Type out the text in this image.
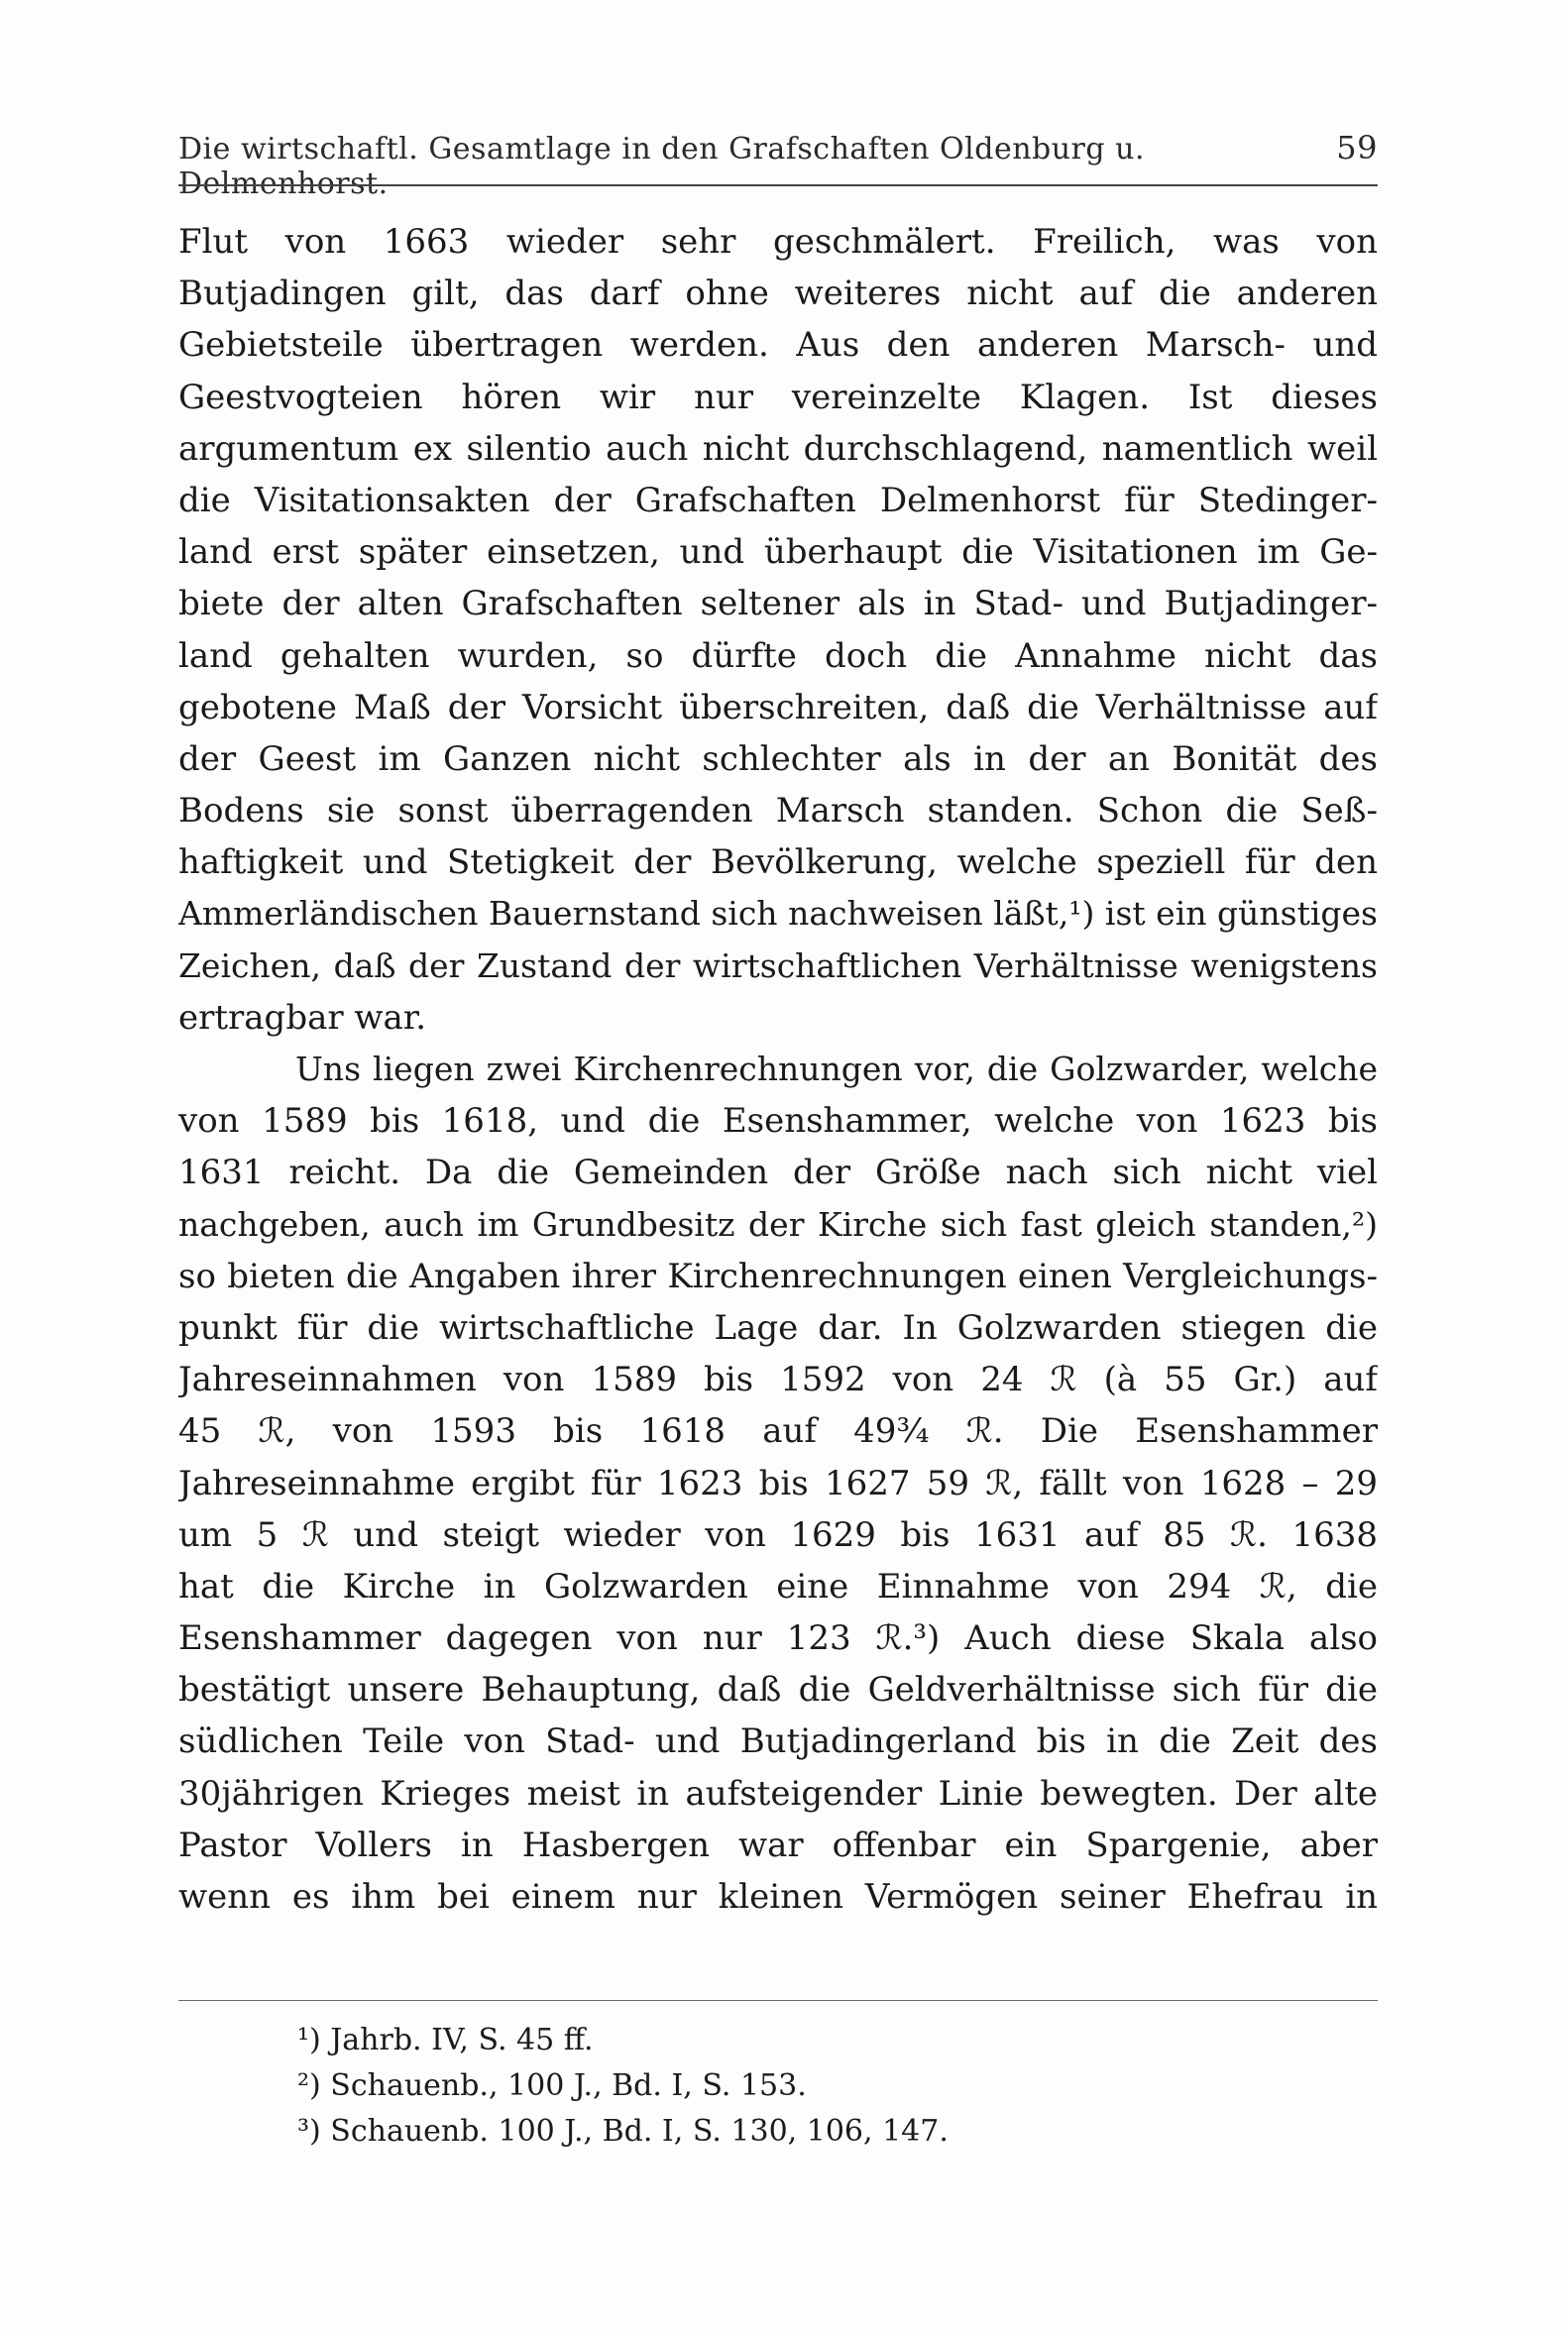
Die wirtschaftl. Gesamtlage in den Grafschaften Oldenburg u. Delmenhorst.
59
Flut von 1663 wieder sehr geschmälert. Freilich, was von
Butjadingen gilt, das darf ohne weiteres nicht auf die anderen
Gebietsteile übertragen werden. Aus den anderen Marsch- und
Geestvogteien hören wir nur vereinzelte Klagen. Ist dieses
argumentum ex silentio auch nicht durchschlagend, namentlich weil
die Visitationsakten der Grafschaften Delmenhorst für Stedinger-
land erst später einsetzen, und überhaupt die Visitationen im Ge-
biete der alten Grafschaften seltener als in Stad- und Butjadinger-
land gehalten wurden, so dürfte doch die Annahme nicht das
gebotene Maß der Vorsicht überschreiten, daß die Verhältnisse auf
der Geest im Ganzen nicht schlechter als in der an Bonität des
Bodens sie sonst überragenden Marsch standen. Schon die Seß-
haftigkeit und Stetigkeit der Bevölkerung, welche speziell für den
Ammerländischen Bauernstand sich nachweisen läßt,¹) ist ein günstiges
Zeichen, daß der Zustand der wirtschaftlichen Verhältnisse wenigstens
ertragbar war.
Uns liegen zwei Kirchenrechnungen vor, die Golzwarder, welche
von 1589 bis 1618, und die Esenshammer, welche von 1623 bis
1631 reicht. Da die Gemeinden der Größe nach sich nicht viel
nachgeben, auch im Grundbesitz der Kirche sich fast gleich standen,²)
so bieten die Angaben ihrer Kirchenrechnungen einen Vergleichungs-
punkt für die wirtschaftliche Lage dar. In Golzwarden stiegen die
Jahreseinnahmen von 1589 bis 1592 von 24 ℛ (à 55 Gr.) auf
45 ℛ, von 1593 bis 1618 auf 49¾ ℛ. Die Esenshammer
Jahreseinnahme ergibt für 1623 bis 1627 59 ℛ, fällt von 1628 – 29
um 5 ℛ und steigt wieder von 1629 bis 1631 auf 85 ℛ. 1638
hat die Kirche in Golzwarden eine Einnahme von 294 ℛ, die
Esenshammer dagegen von nur 123 ℛ.³) Auch diese Skala also
bestätigt unsere Behauptung, daß die Geldverhältnisse sich für die
südlichen Teile von Stad- und Butjadingerland bis in die Zeit des
30jährigen Krieges meist in aufsteigender Linie bewegten. Der alte
Pastor Vollers in Hasbergen war offenbar ein Spargenie, aber
wenn es ihm bei einem nur kleinen Vermögen seiner Ehefrau in
¹) Jahrb. IV, S. 45 ff.
²) Schauenb., 100 J., Bd. I, S. 153.
³) Schauenb. 100 J., Bd. I, S. 130, 106, 147.
